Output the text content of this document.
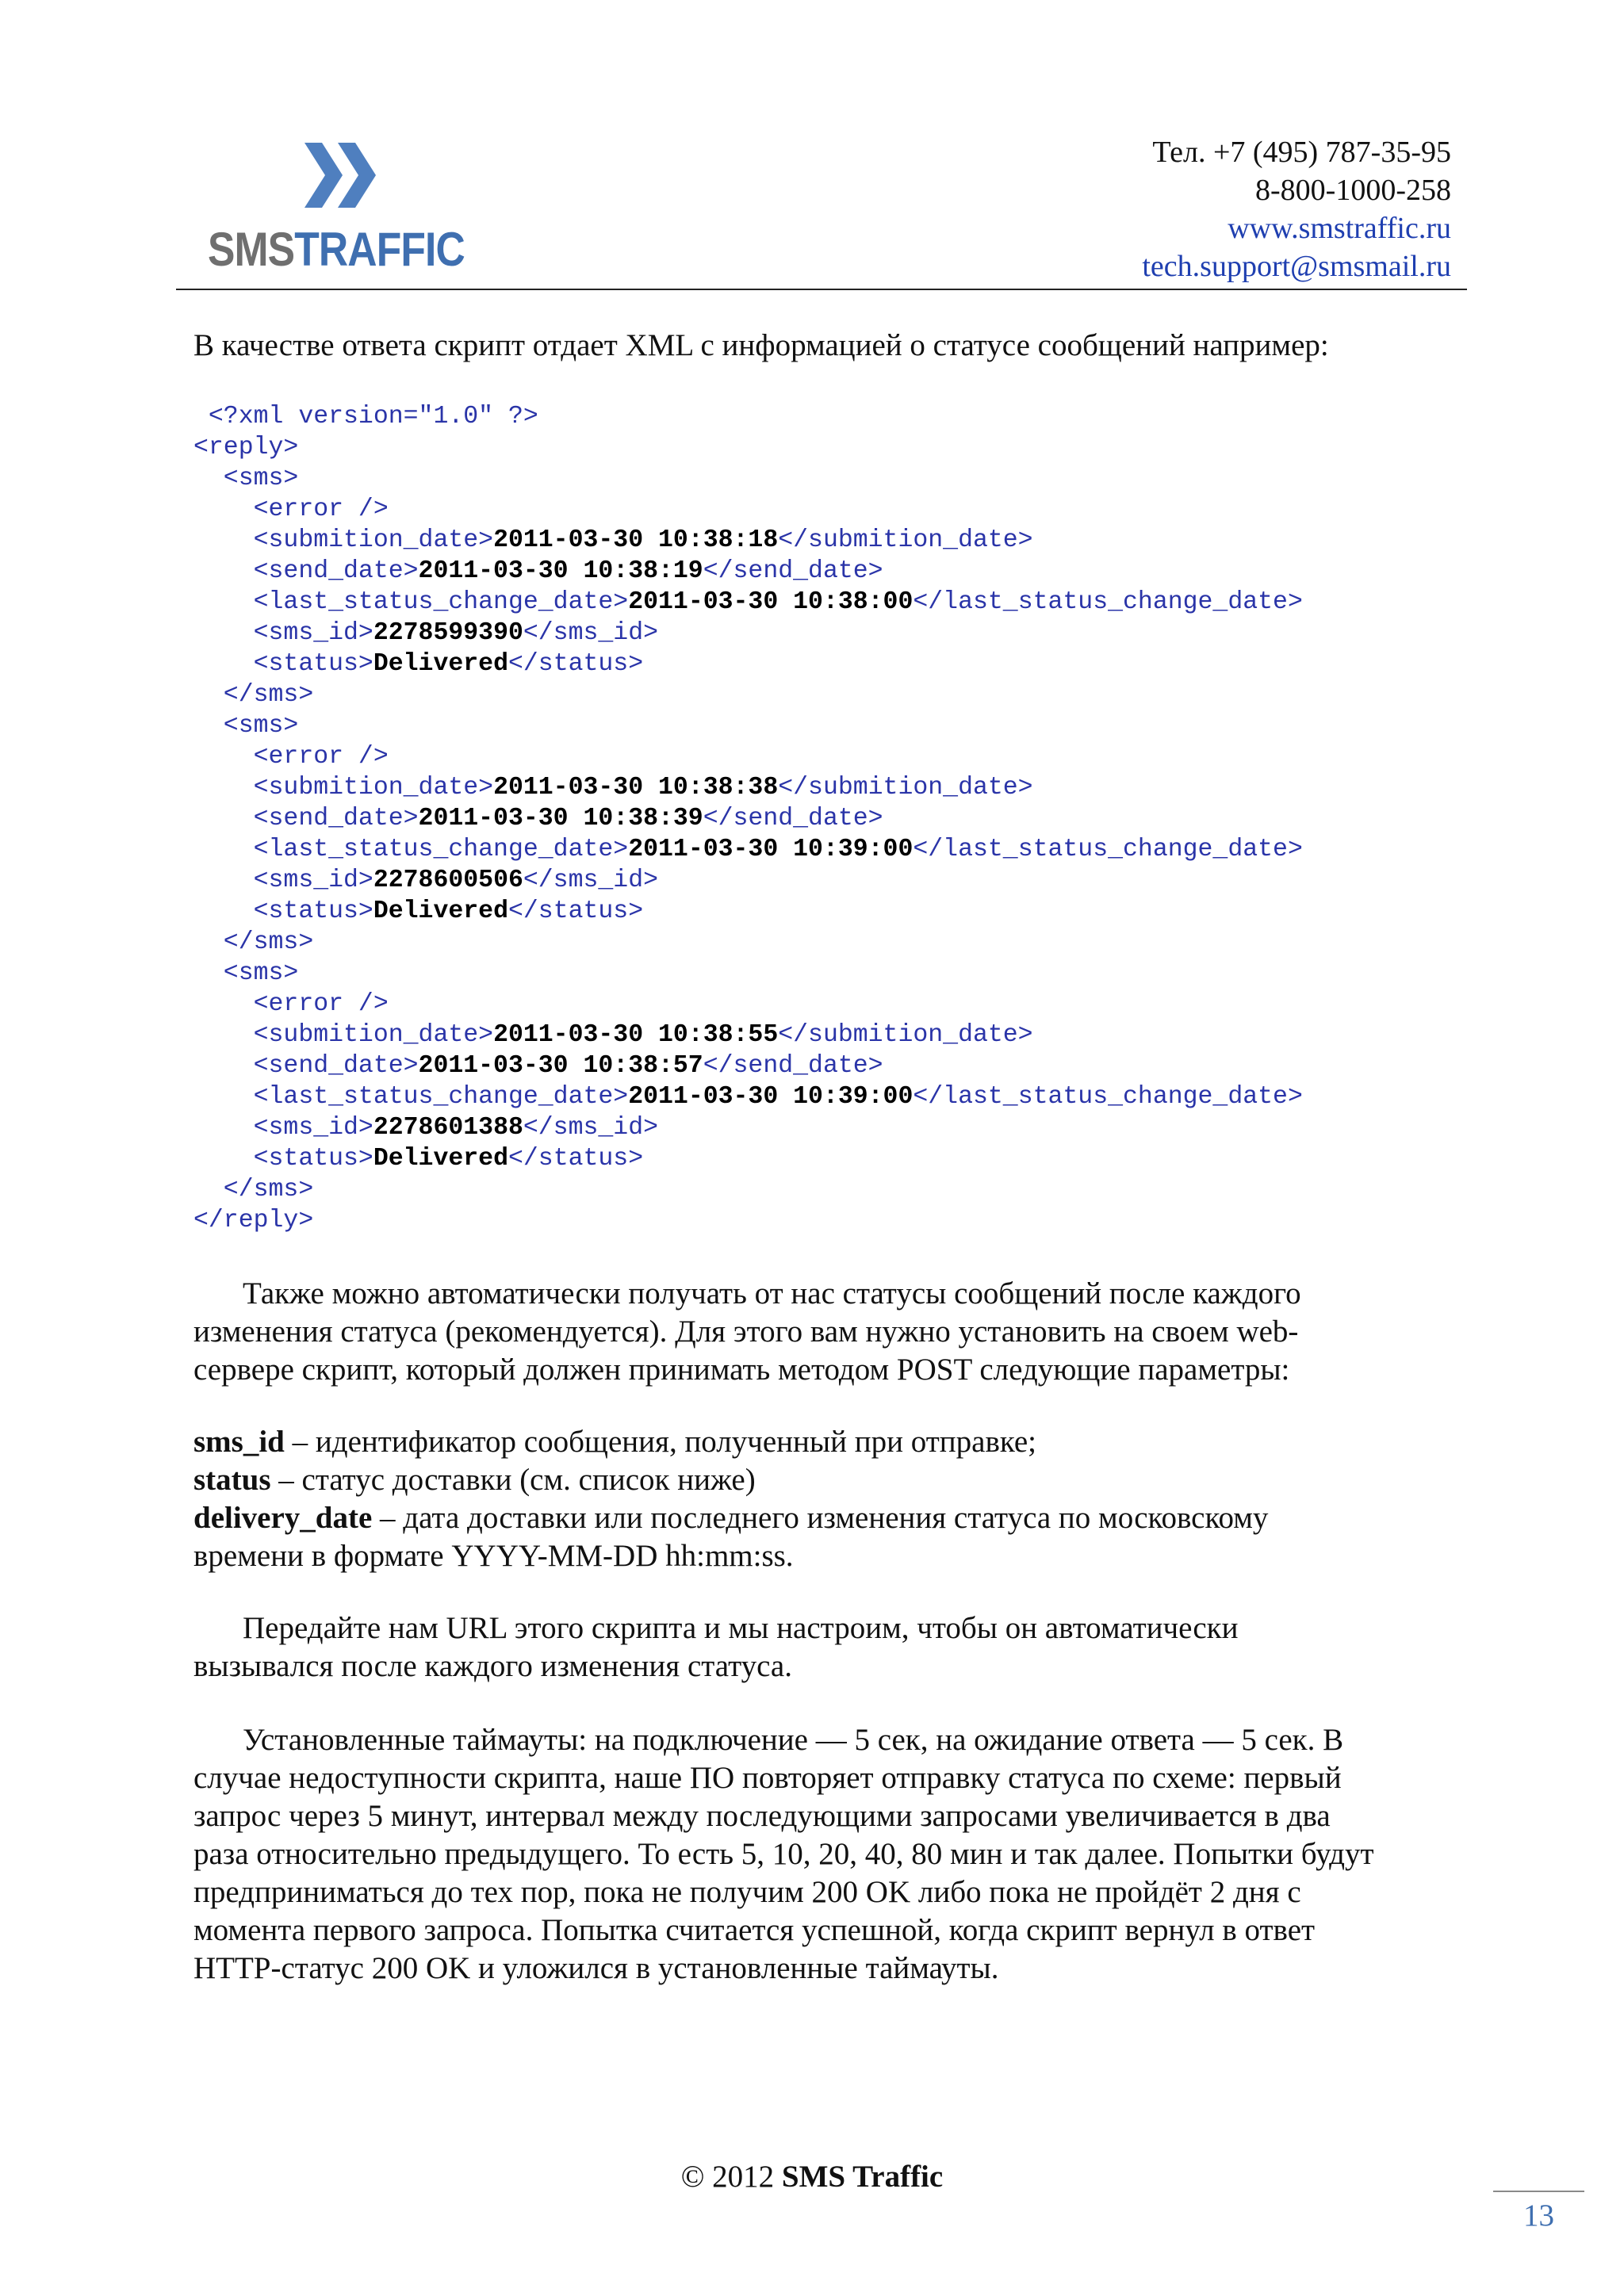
SMSTRAFFIC
Тел. +7 (495) 787-35-95
8-800-1000-258
www.smstraffic.ru
tech.support@smsmail.ru
В качестве ответа скрипт отдает XML с информацией о статусе сообщений например:
<?xml version="1.0" ?>
<reply>
<sms>
<error />
<submition_date>2011-03-30 10:38:18</submition_date>
<send_date>2011-03-30 10:38:19</send_date>
<last_status_change_date>2011-03-30 10:38:00</last_status_change_date>
<sms_id>2278599390</sms_id>
<status>Delivered</status>
</sms>
<sms>
<error />
<submition_date>2011-03-30 10:38:38</submition_date>
<send_date>2011-03-30 10:38:39</send_date>
<last_status_change_date>2011-03-30 10:39:00</last_status_change_date>
<sms_id>2278600506</sms_id>
<status>Delivered</status>
</sms>
<sms>
<error />
<submition_date>2011-03-30 10:38:55</submition_date>
<send_date>2011-03-30 10:38:57</send_date>
<last_status_change_date>2011-03-30 10:39:00</last_status_change_date>
<sms_id>2278601388</sms_id>
<status>Delivered</status>
</sms>
</reply>
Также можно автоматически получать от нас статусы сообщений после каждого
изменения статуса (рекомендуется). Для этого вам нужно установить на своем web-
сервере скрипт, который должен принимать методом POST следующие параметры:
sms_id – идентификатор сообщения, полученный при отправке;
status – статус доставки (см. список ниже)
delivery_date – дата доставки или последнего изменения статуса по московскому
времени в формате YYYY-MM-DD hh:mm:ss.
Передайте нам URL этого скрипта и мы настроим, чтобы он автоматически
вызывался после каждого изменения статуса.
Установленные таймауты: на подключение — 5 сек, на ожидание ответа — 5 сек. В
случае недоступности скрипта, наше ПО повторяет отправку статуса по схеме: первый
запрос через 5 минут, интервал между последующими запросами увеличивается в два
раза относительно предыдущего. То есть 5, 10, 20, 40, 80 мин и так далее. Попытки будут
предприниматься до тех пор, пока не получим 200 OK либо пока не пройдёт 2 дня с
момента первого запроса. Попытка считается успешной, когда скрипт вернул в ответ
HTTP-статус 200 OK и уложился в установленные таймауты.
© 2012 SMS Traffic
13
